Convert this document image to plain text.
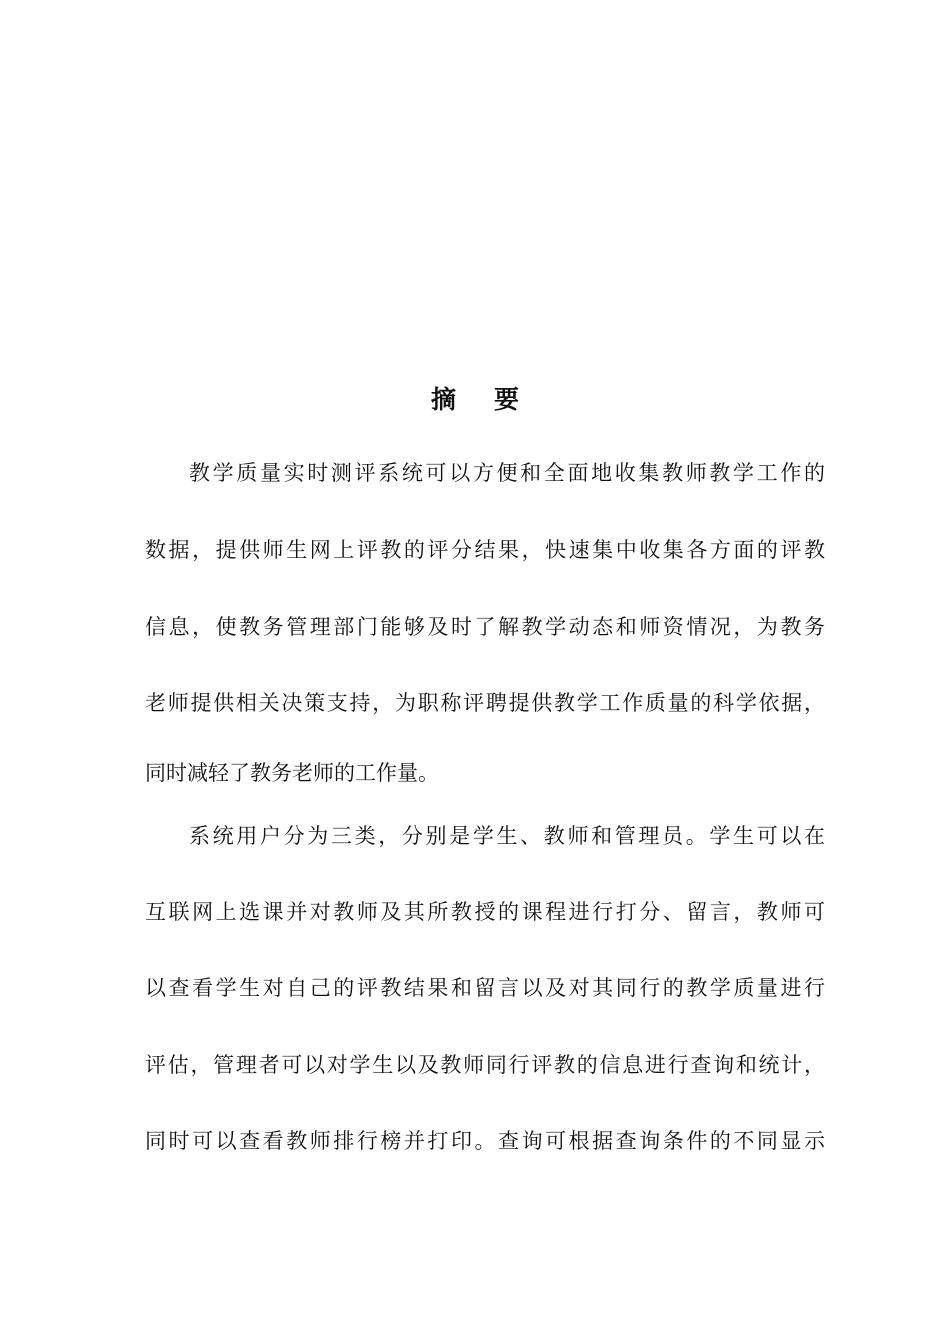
摘要
教学质量实时测评系统可以方便和全面地收集教师教学工作的
数据，提供师生网上评教的评分结果，快速集中收集各方面的评教
信息，使教务管理部门能够及时了解教学动态和师资情况，为教务
老师提供相关决策支持，为职称评聘提供教学工作质量的科学依据，
同时减轻了教务老师的工作量。
系统用户分为三类，分别是学生、教师和管理员。学生可以在
互联网上选课并对教师及其所教授的课程进行打分、留言，教师可
以查看学生对自己的评教结果和留言以及对其同行的教学质量进行
评估，管理者可以对学生以及教师同行评教的信息进行查询和统计，
同时可以查看教师排行榜并打印。查询可根据查询条件的不同显示
